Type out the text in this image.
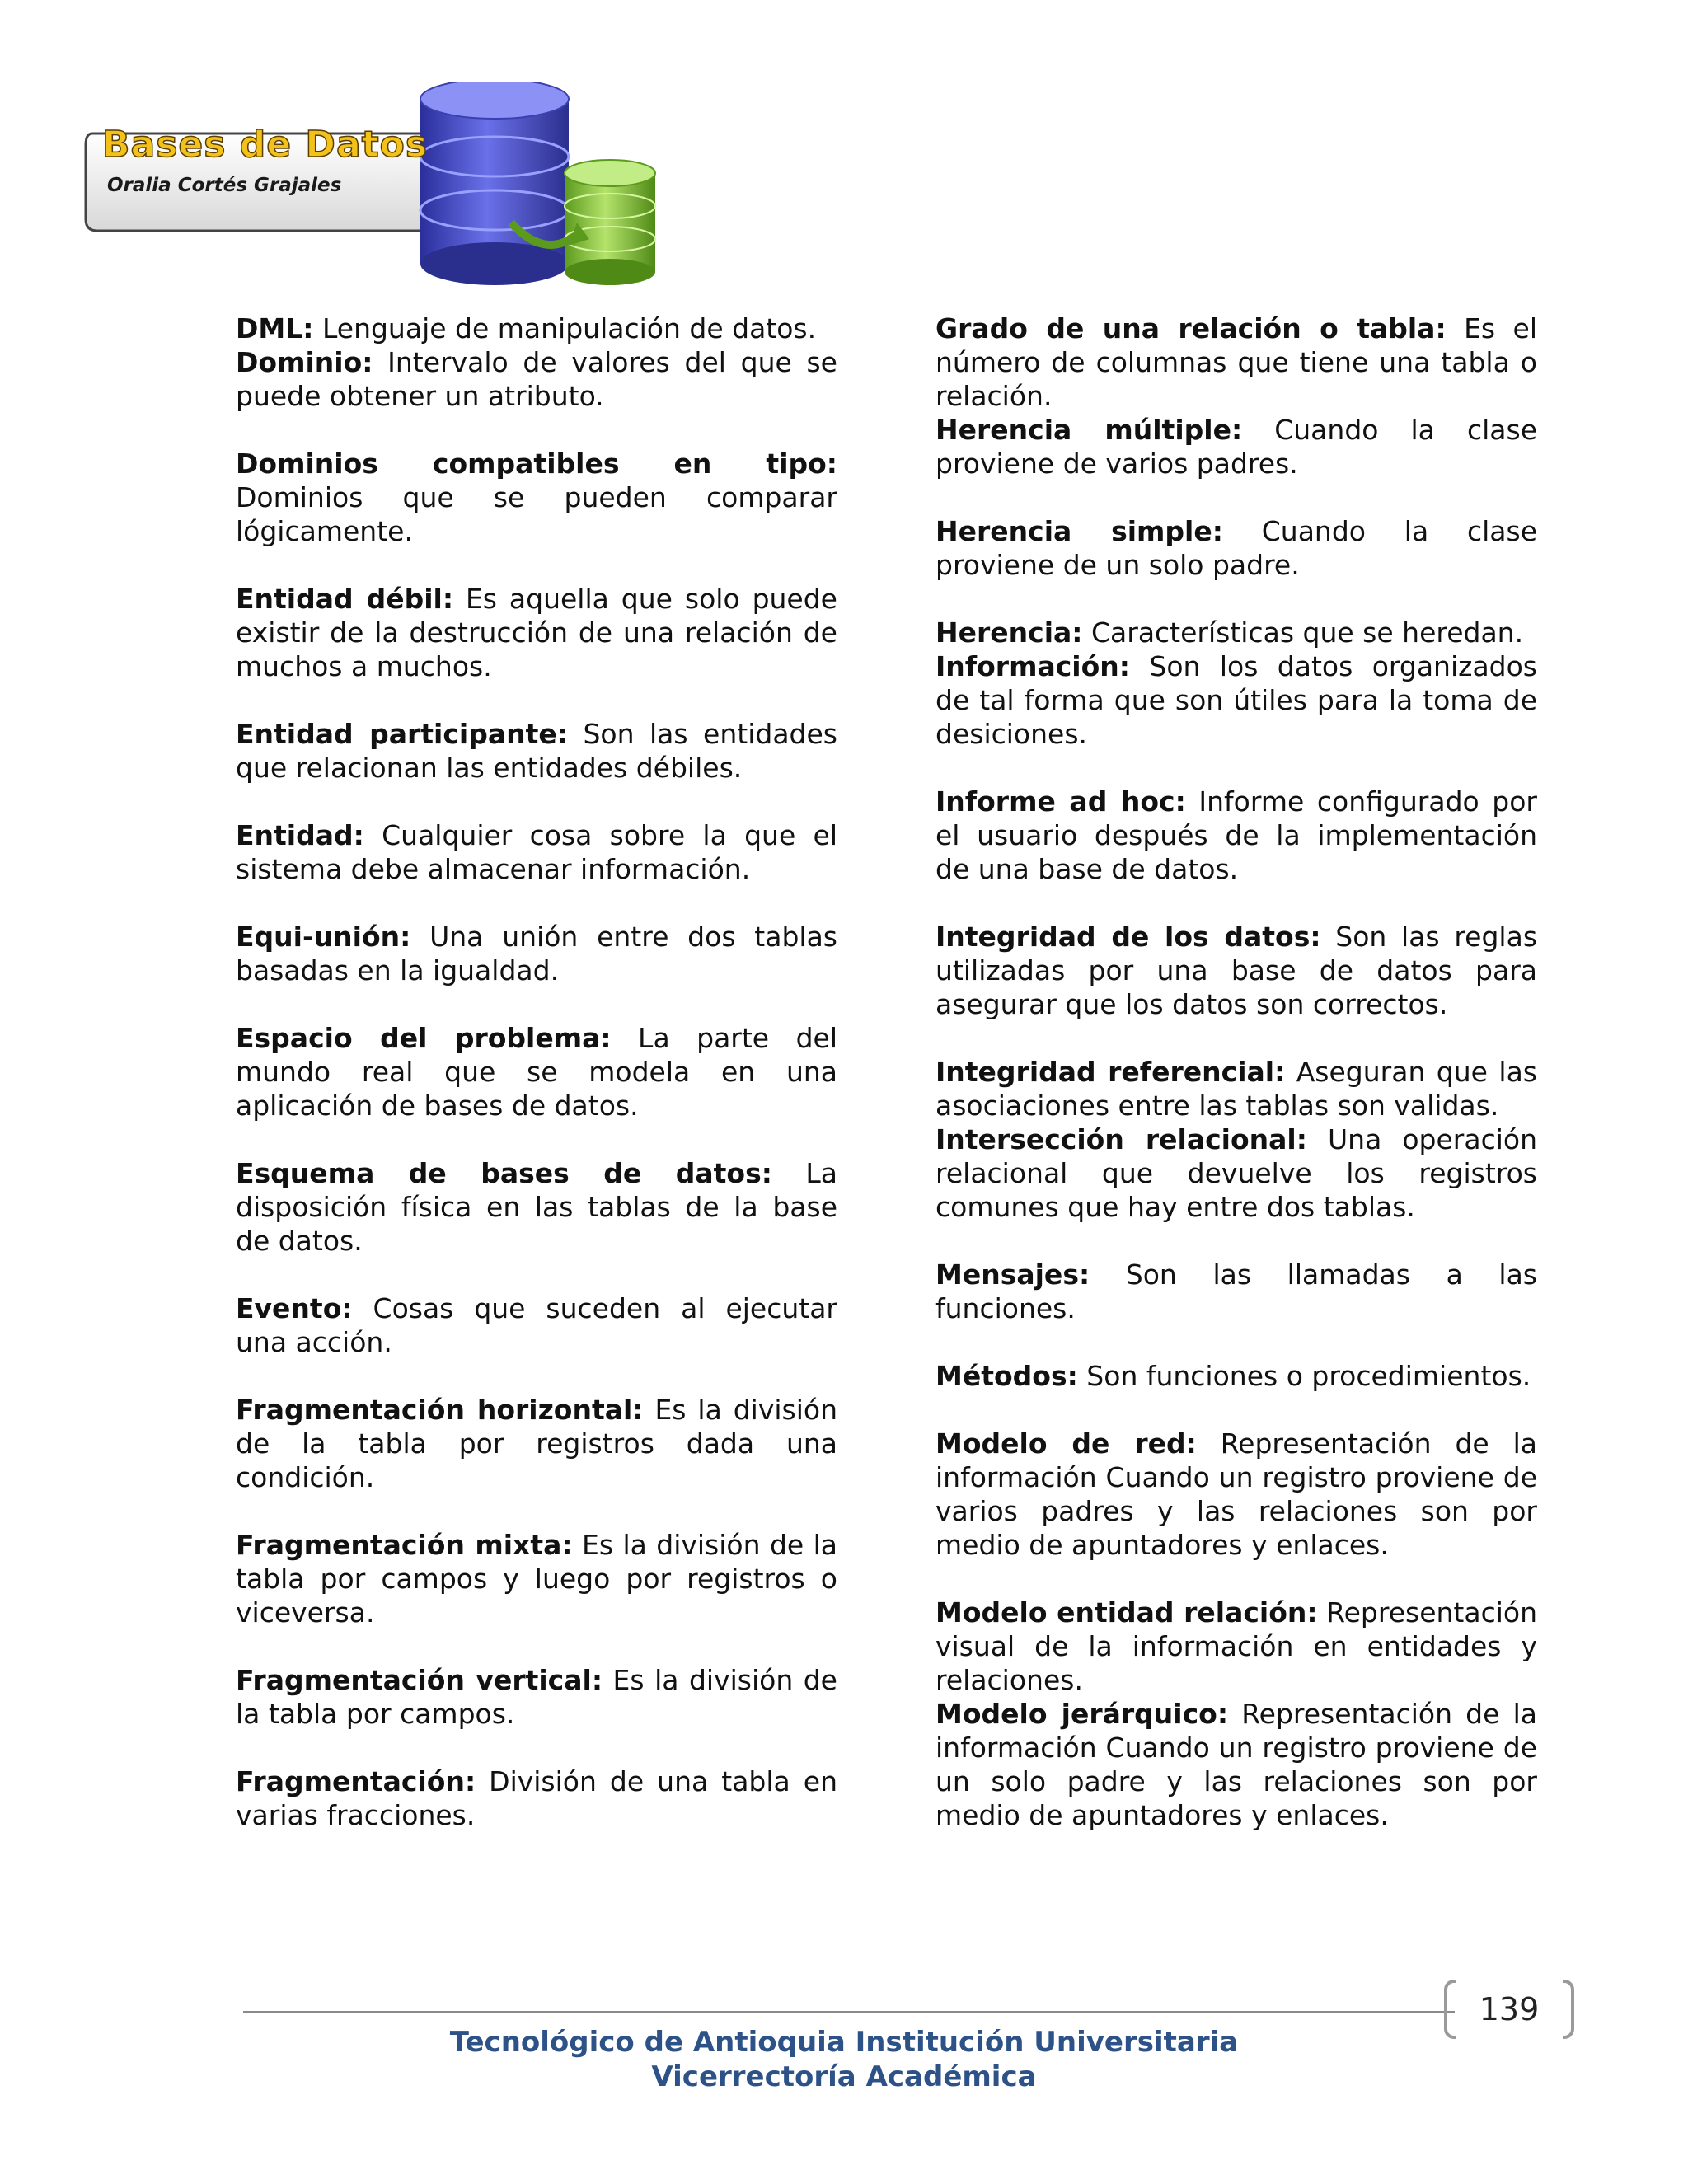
Bases de Datos
Oralia Cortés Grajales

DML: Lenguaje de manipulación de datos.

Dominio: Intervalo de valores del que se puede obtener un atributo.

Dominios compatibles en tipo: Dominios que se pueden comparar lógicamente.

Entidad débil: Es aquella que solo puede existir de la destrucción de una relación de muchos a muchos.

Entidad participante: Son las entidades que relacionan las entidades débiles.

Entidad: Cualquier cosa sobre la que el sistema debe almacenar información.

Equi-unión: Una unión entre dos tablas basadas en la igualdad.

Espacio del problema: La parte del mundo real que se modela en una aplicación de bases de datos.

Esquema de bases de datos: La disposición física en las tablas de la base de datos.

Evento: Cosas que suceden al ejecutar una acción.

Fragmentación horizontal: Es la división de la tabla por registros dada una condición.

Fragmentación mixta: Es la división de la tabla por campos y luego por registros o viceversa.

Fragmentación vertical: Es la división de la tabla por campos.

Fragmentación: División de una tabla en varias fracciones.

Grado de una relación o tabla: Es el número de columnas que tiene una tabla o relación.

Herencia múltiple: Cuando la clase proviene de varios padres.

Herencia simple: Cuando la clase proviene de un solo padre.

Herencia: Características que se heredan.

Información: Son los datos organizados de tal forma que son útiles para la toma de desiciones.

Informe ad hoc: Informe configurado por el usuario después de la implementación de una base de datos.

Integridad de los datos: Son las reglas utilizadas por una base de datos para asegurar que los datos son correctos.

Integridad referencial: Aseguran que las asociaciones entre las tablas son validas.

Intersección relacional: Una operación relacional que devuelve los registros comunes que hay entre dos tablas.

Mensajes: Son las llamadas a las funciones.

Métodos: Son funciones o procedimientos.

Modelo de red: Representación de la información Cuando un registro proviene de varios padres y las relaciones son por medio de apuntadores y enlaces.

Modelo entidad relación: Representación visual de la información en entidades y relaciones.

Modelo jerárquico: Representación de la información Cuando un registro proviene de un solo padre y las relaciones son por medio de apuntadores y enlaces.

139
Tecnológico de Antioquia Institución Universitaria
Vicerrectoría Académica
